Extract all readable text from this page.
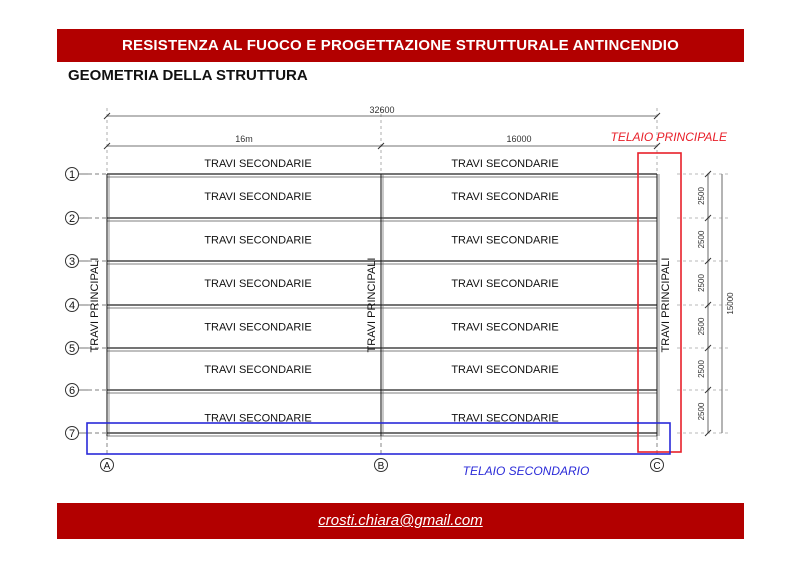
RESISTENZA AL FUOCO E PROGETTAZIONE STRUTTURALE ANTINCENDIO
GEOMETRIA DELLA STRUTTURA
1
2
3
4
5
6
7
A	B	C
TRAVI SECONDARIE	TRAVI SECONDARIE
TRAVI SECONDARIE	TRAVI SECONDARIE
TRAVI SECONDARIE	TRAVI SECONDARIE
TRAVI SECONDARIE	TRAVI SECONDARIE
TRAVI SECONDARIE	TRAVI SECONDARIE
TRAVI SECONDARIE	TRAVI SECONDARIE
TRAVI SECONDARIE	TRAVI SECONDARIE
TRAVI PRINCIPALI	TRAVI PRINCIPALI	TRAVI PRINCIPALI
32600
16m	16000
2500
2500
2500
2500
2500
2500
15000
TELAIO PRINCIPALE
TELAIO SECONDARIO
crosti.chiara@gmail.com
